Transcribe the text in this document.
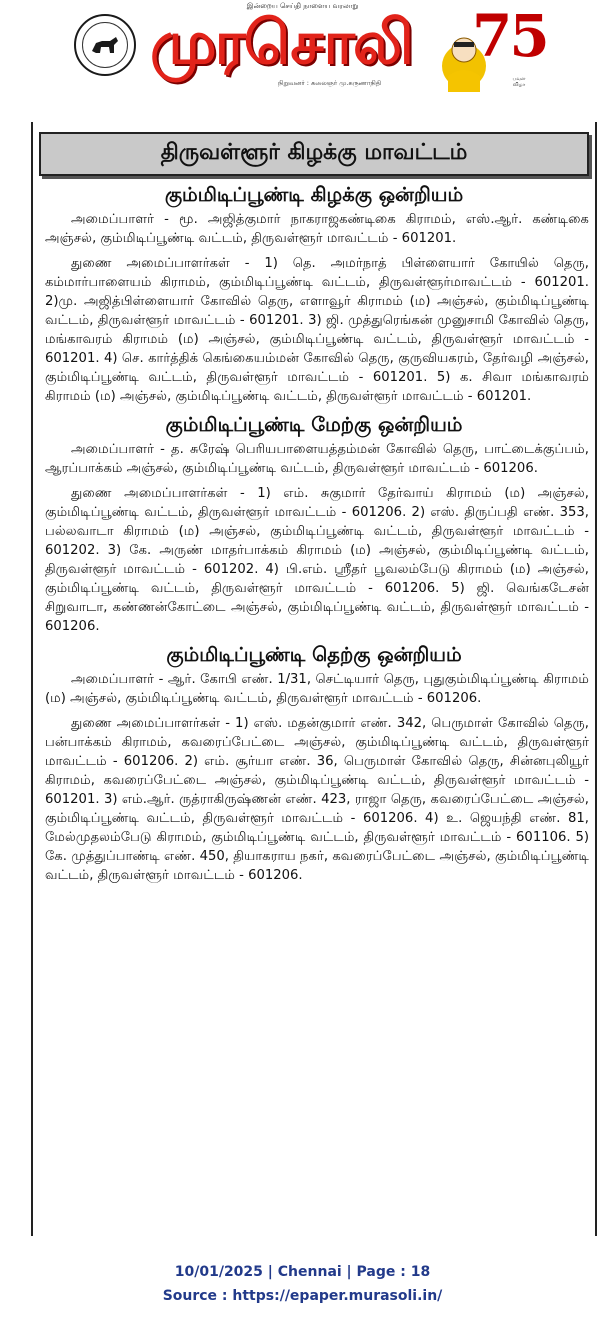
இன்றைய செய்தி நாளைய வரலாறு
முரசொலி
நிறுவனர் : கலைஞர் மு.கருணாநிதி
75
பவள விழா
திருவள்ளூர் கிழக்கு மாவட்டம்
கும்மிடிப்பூண்டி கிழக்கு ஒன்றியம்

அமைப்பாளர் - மூ. அஜித்குமார் நாகராஜகண்டிகை கிராமம், எஸ்.ஆர். கண்டிகை அஞ்சல், கும்மிடிப்பூண்டி வட்டம், திருவள்ளூர் மாவட்டம் - 601201.

துணை அமைப்பாளர்கள் - 1) தெ. அமர்நாத் பிள்ளையார் கோயில் தெரு, கம்மார்பாளையம் கிராமம், கும்மிடிப்பூண்டி வட்டம், திருவள்ளூர்மாவட்டம் - 601201. 2)மு. அஜித்பிள்ளையார் கோவில் தெரு, எளாவூர் கிராமம் (ம) அஞ்சல், கும்மிடிப்பூண்டி வட்டம், திருவள்ளூர் மாவட்டம் - 601201. 3) ஜி. முத்துரெங்கன் முனுசாமி கோவில் தெரு, மங்காவரம் கிராமம் (ம) அஞ்சல், கும்மிடிப்பூண்டி வட்டம், திருவள்ளூர் மாவட்டம் - 601201. 4) செ. கார்த்திக் கெங்கையம்மன் கோவில் தெரு, குருவியகரம், தேர்வழி அஞ்சல், கும்மிடிப்பூண்டி வட்டம், திருவள்ளூர் மாவட்டம் - 601201. 5) க. சிவா மங்காவரம் கிராமம் (ம) அஞ்சல், கும்மிடிப்பூண்டி வட்டம், திருவள்ளூர் மாவட்டம் - 601201.

கும்மிடிப்பூண்டி மேற்கு ஒன்றியம்

அமைப்பாளர் - த. சுரேஷ் பெரியபாளையத்தம்மன் கோவில் தெரு, பாட்டைக்குப்பம், ஆரப்பாக்கம் அஞ்சல், கும்மிடிப்பூண்டி வட்டம், திருவள்ளூர் மாவட்டம் - 601206.

துணை அமைப்பாளர்கள் - 1) எம். சுகுமார் தேர்வாய் கிராமம் (ம) அஞ்சல், கும்மிடிப்பூண்டி வட்டம், திருவள்ளூர் மாவட்டம் - 601206. 2) எஸ். திருப்பதி எண். 353, பல்லவாடா கிராமம் (ம) அஞ்சல், கும்மிடிப்பூண்டி வட்டம், திருவள்ளூர் மாவட்டம் - 601202. 3) கே. அருண் மாதர்பாக்கம் கிராமம் (ம) அஞ்சல், கும்மிடிப்பூண்டி வட்டம், திருவள்ளூர் மாவட்டம் - 601202. 4) பி.எம். ஸ்ரீதர் பூவலம்பேடு கிராமம் (ம) அஞ்சல், கும்மிடிப்பூண்டி வட்டம், திருவள்ளூர் மாவட்டம் - 601206. 5) ஜி. வெங்கடேசன் சிறுவாடா, கண்ணன்கோட்டை அஞ்சல், கும்மிடிப்பூண்டி வட்டம், திருவள்ளூர் மாவட்டம் - 601206.

கும்மிடிப்பூண்டி தெற்கு ஒன்றியம்

அமைப்பாளர் - ஆர். கோபி எண். 1/31, செட்டியார் தெரு, புதுகும்மிடிப்பூண்டி கிராமம் (ம) அஞ்சல், கும்மிடிப்பூண்டி வட்டம், திருவள்ளூர் மாவட்டம் - 601206.

துணை அமைப்பாளர்கள் - 1) எஸ். மதன்குமார் எண். 342, பெருமாள் கோவில் தெரு, பன்பாக்கம் கிராமம், கவரைப்பேட்டை அஞ்சல், கும்மிடிப்பூண்டி வட்டம், திருவள்ளூர் மாவட்டம் - 601206. 2) எம். சூர்யா எண். 36, பெருமாள் கோவில் தெரு, சின்னபுலியூர் கிராமம், கவரைப்பேட்டை அஞ்சல், கும்மிடிப்பூண்டி வட்டம், திருவள்ளூர் மாவட்டம் - 601201. 3) எம்.ஆர். ருத்ராகிருஷ்ணன் எண். 423, ராஜா தெரு, கவரைப்பேட்டை அஞ்சல், கும்மிடிப்பூண்டி வட்டம், திருவள்ளூர் மாவட்டம் - 601206. 4) உ. ஜெயந்தி எண். 81, மேல்முதலம்பேடு கிராமம், கும்மிடிப்பூண்டி வட்டம், திருவள்ளூர் மாவட்டம் - 601106. 5) கே. முத்துப்பாண்டி எண். 450, தியாகராய நகர், கவரைப்பேட்டை அஞ்சல், கும்மிடிப்பூண்டி வட்டம், திருவள்ளூர் மாவட்டம் - 601206.

10/01/2025 | Chennai | Page : 18
Source : https://epaper.murasoli.in/
